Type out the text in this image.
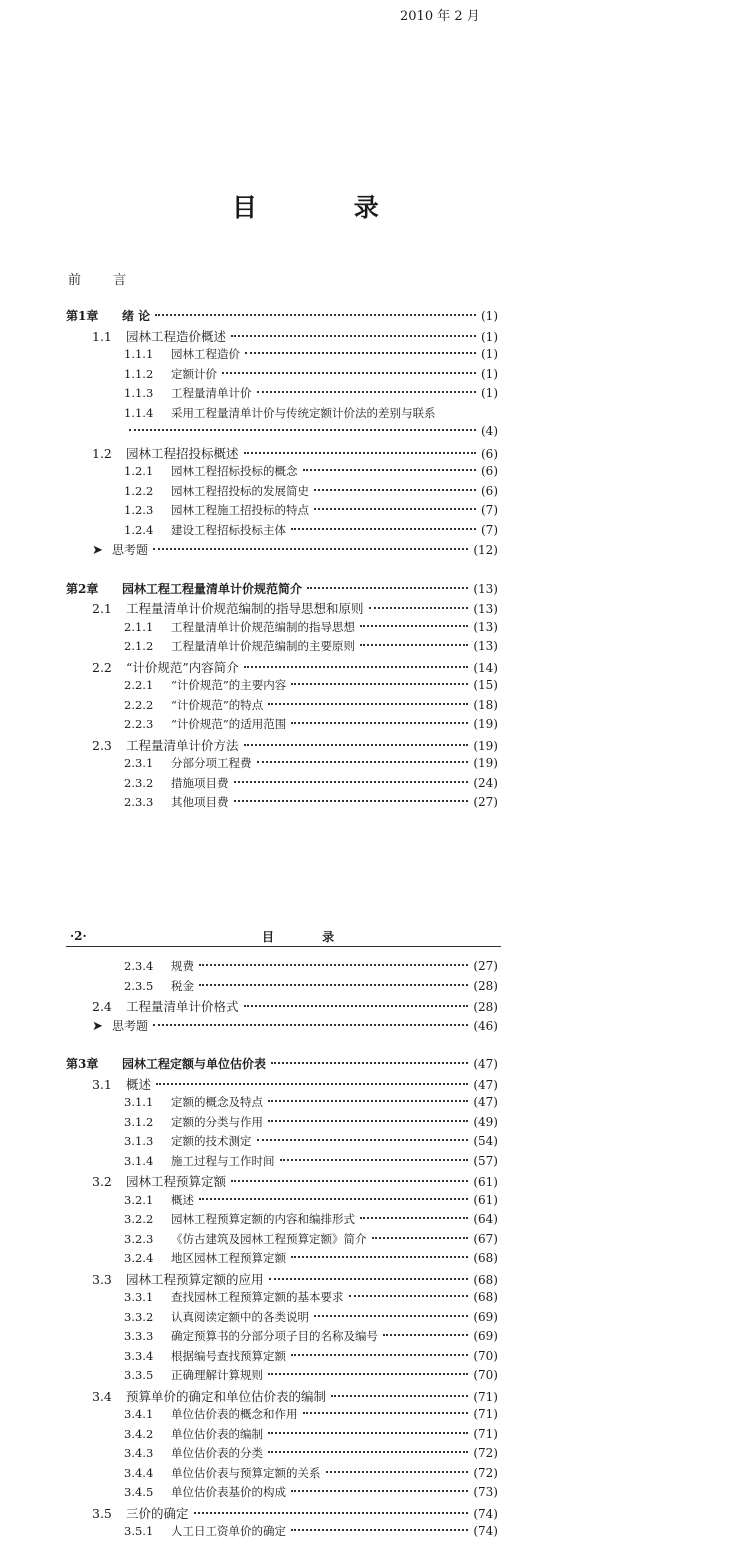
2010 年 2 月
目 录
前 言
第1章	绪 论	(1)
1.1	园林工程造价概述	(1)
1.1.1	园林工程造价	(1)
1.1.2	定额计价	(1)
1.1.3	工程量清单计价	(1)
1.1.4	采用工程量清单计价与传统定额计价法的差别与联系
(4)
1.2	园林工程招投标概述	(6)
1.2.1	园林工程招标投标的概念	(6)
1.2.2	园林工程招投标的发展简史	(6)
1.2.3	园林工程施工招投标的特点	(7)
1.2.4	建设工程招标投标主体	(7)
➤ 思考题	(12)
第2章	园林工程工程量清单计价规范简介	(13)
2.1	工程量清单计价规范编制的指导思想和原则	(13)
2.1.1	工程量清单计价规范编制的指导思想	(13)
2.1.2	工程量清单计价规范编制的主要原则	(13)
2.2	“计价规范”内容简介	(14)
2.2.1	“计价规范”的主要内容	(15)
2.2.2	“计价规范”的特点	(18)
2.2.3	“计价规范”的适用范围	(19)
2.3	工程量清单计价方法	(19)
2.3.1	分部分项工程费	(19)
2.3.2	措施项目费	(24)
2.3.3	其他项目费	(27)
·2·	目 录
2.3.4	规费	(27)
2.3.5	税金	(28)
2.4	工程量清单计价格式	(28)
➤ 思考题	(46)
第3章	园林工程定额与单位估价表	(47)
3.1	概述	(47)
3.1.1	定额的概念及特点	(47)
3.1.2	定额的分类与作用	(49)
3.1.3	定额的技术测定	(54)
3.1.4	施工过程与工作时间	(57)
3.2	园林工程预算定额	(61)
3.2.1	概述	(61)
3.2.2	园林工程预算定额的内容和编排形式	(64)
3.2.3	《仿古建筑及园林工程预算定额》简介	(67)
3.2.4	地区园林工程预算定额	(68)
3.3	园林工程预算定额的应用	(68)
3.3.1	查找园林工程预算定额的基本要求	(68)
3.3.2	认真阅读定额中的各类说明	(69)
3.3.3	确定预算书的分部分项子目的名称及编号	(69)
3.3.4	根据编号查找预算定额	(70)
3.3.5	正确理解计算规则	(70)
3.4	预算单价的确定和单位估价表的编制	(71)
3.4.1	单位估价表的概念和作用	(71)
3.4.2	单位估价表的编制	(71)
3.4.3	单位估价表的分类	(72)
3.4.4	单位估价表与预算定额的关系	(72)
3.4.5	单位估价表基价的构成	(73)
3.5	三价的确定	(74)
3.5.1	人工日工资单价的确定	(74)
